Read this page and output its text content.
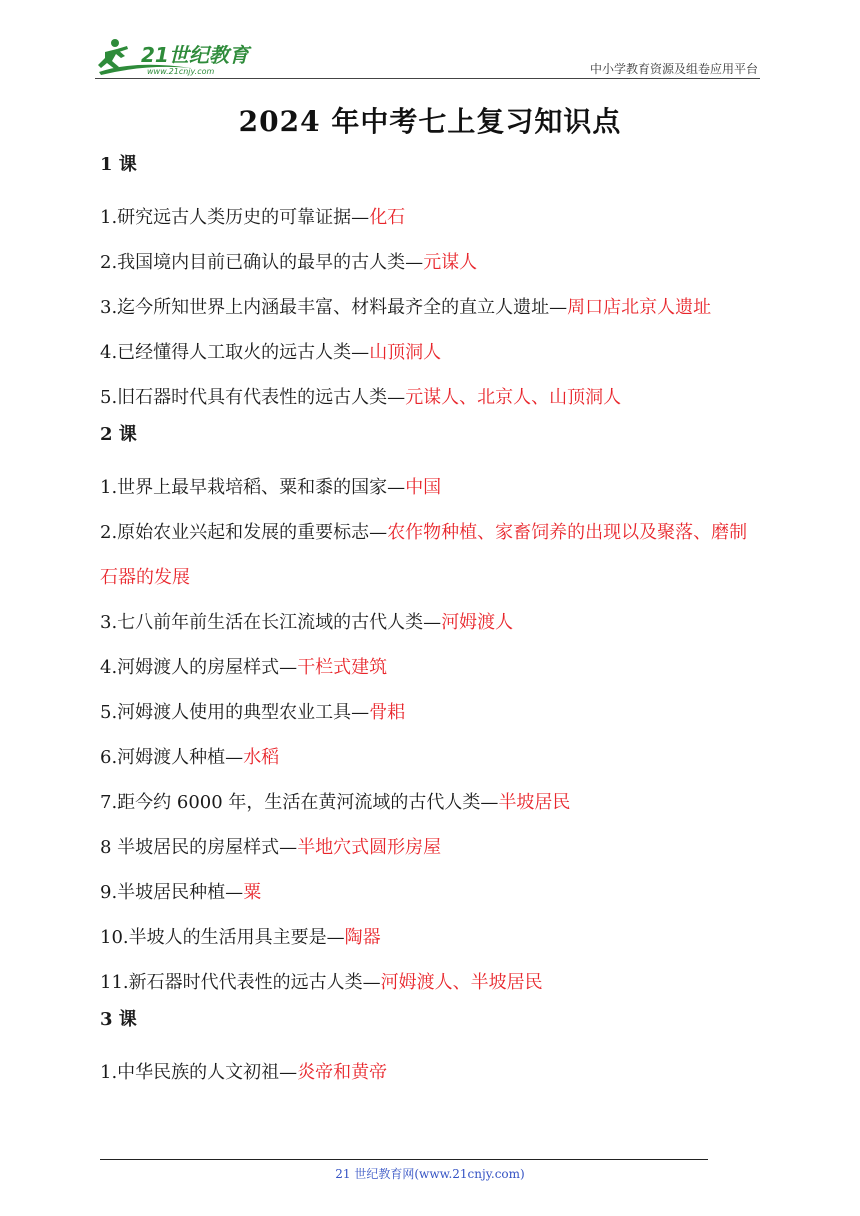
21世纪教育
www.21cnjy.com	中小学教育资源及组卷应用平台
2024 年中考七上复习知识点
1 课
1.研究远古人类历史的可靠证据—化石
2.我国境内目前已确认的最早的古人类—元谋人
3.迄今所知世界上内涵最丰富、材料最齐全的直立人遗址—周口店北京人遗址
4.已经懂得人工取火的远古人类—山顶洞人
5.旧石器时代具有代表性的远古人类—元谋人、北京人、山顶洞人
2 课
1.世界上最早栽培稻、粟和黍的国家—中国
2.原始农业兴起和发展的重要标志—农作物种植、家畜饲养的出现以及聚落、磨制石器的发展
3.七八前年前生活在长江流域的古代人类—河姆渡人
4.河姆渡人的房屋样式—干栏式建筑
5.河姆渡人使用的典型农业工具—骨耜
6.河姆渡人种植—水稻
7.距今约 6000 年，生活在黄河流域的古代人类—半坡居民
8 半坡居民的房屋样式—半地穴式圆形房屋
9.半坡居民种植—粟
10.半坡人的生活用具主要是—陶器
11.新石器时代代表性的远古人类—河姆渡人、半坡居民
3 课
1.中华民族的人文初祖—炎帝和黄帝
21 世纪教育网(www.21cnjy.com)
